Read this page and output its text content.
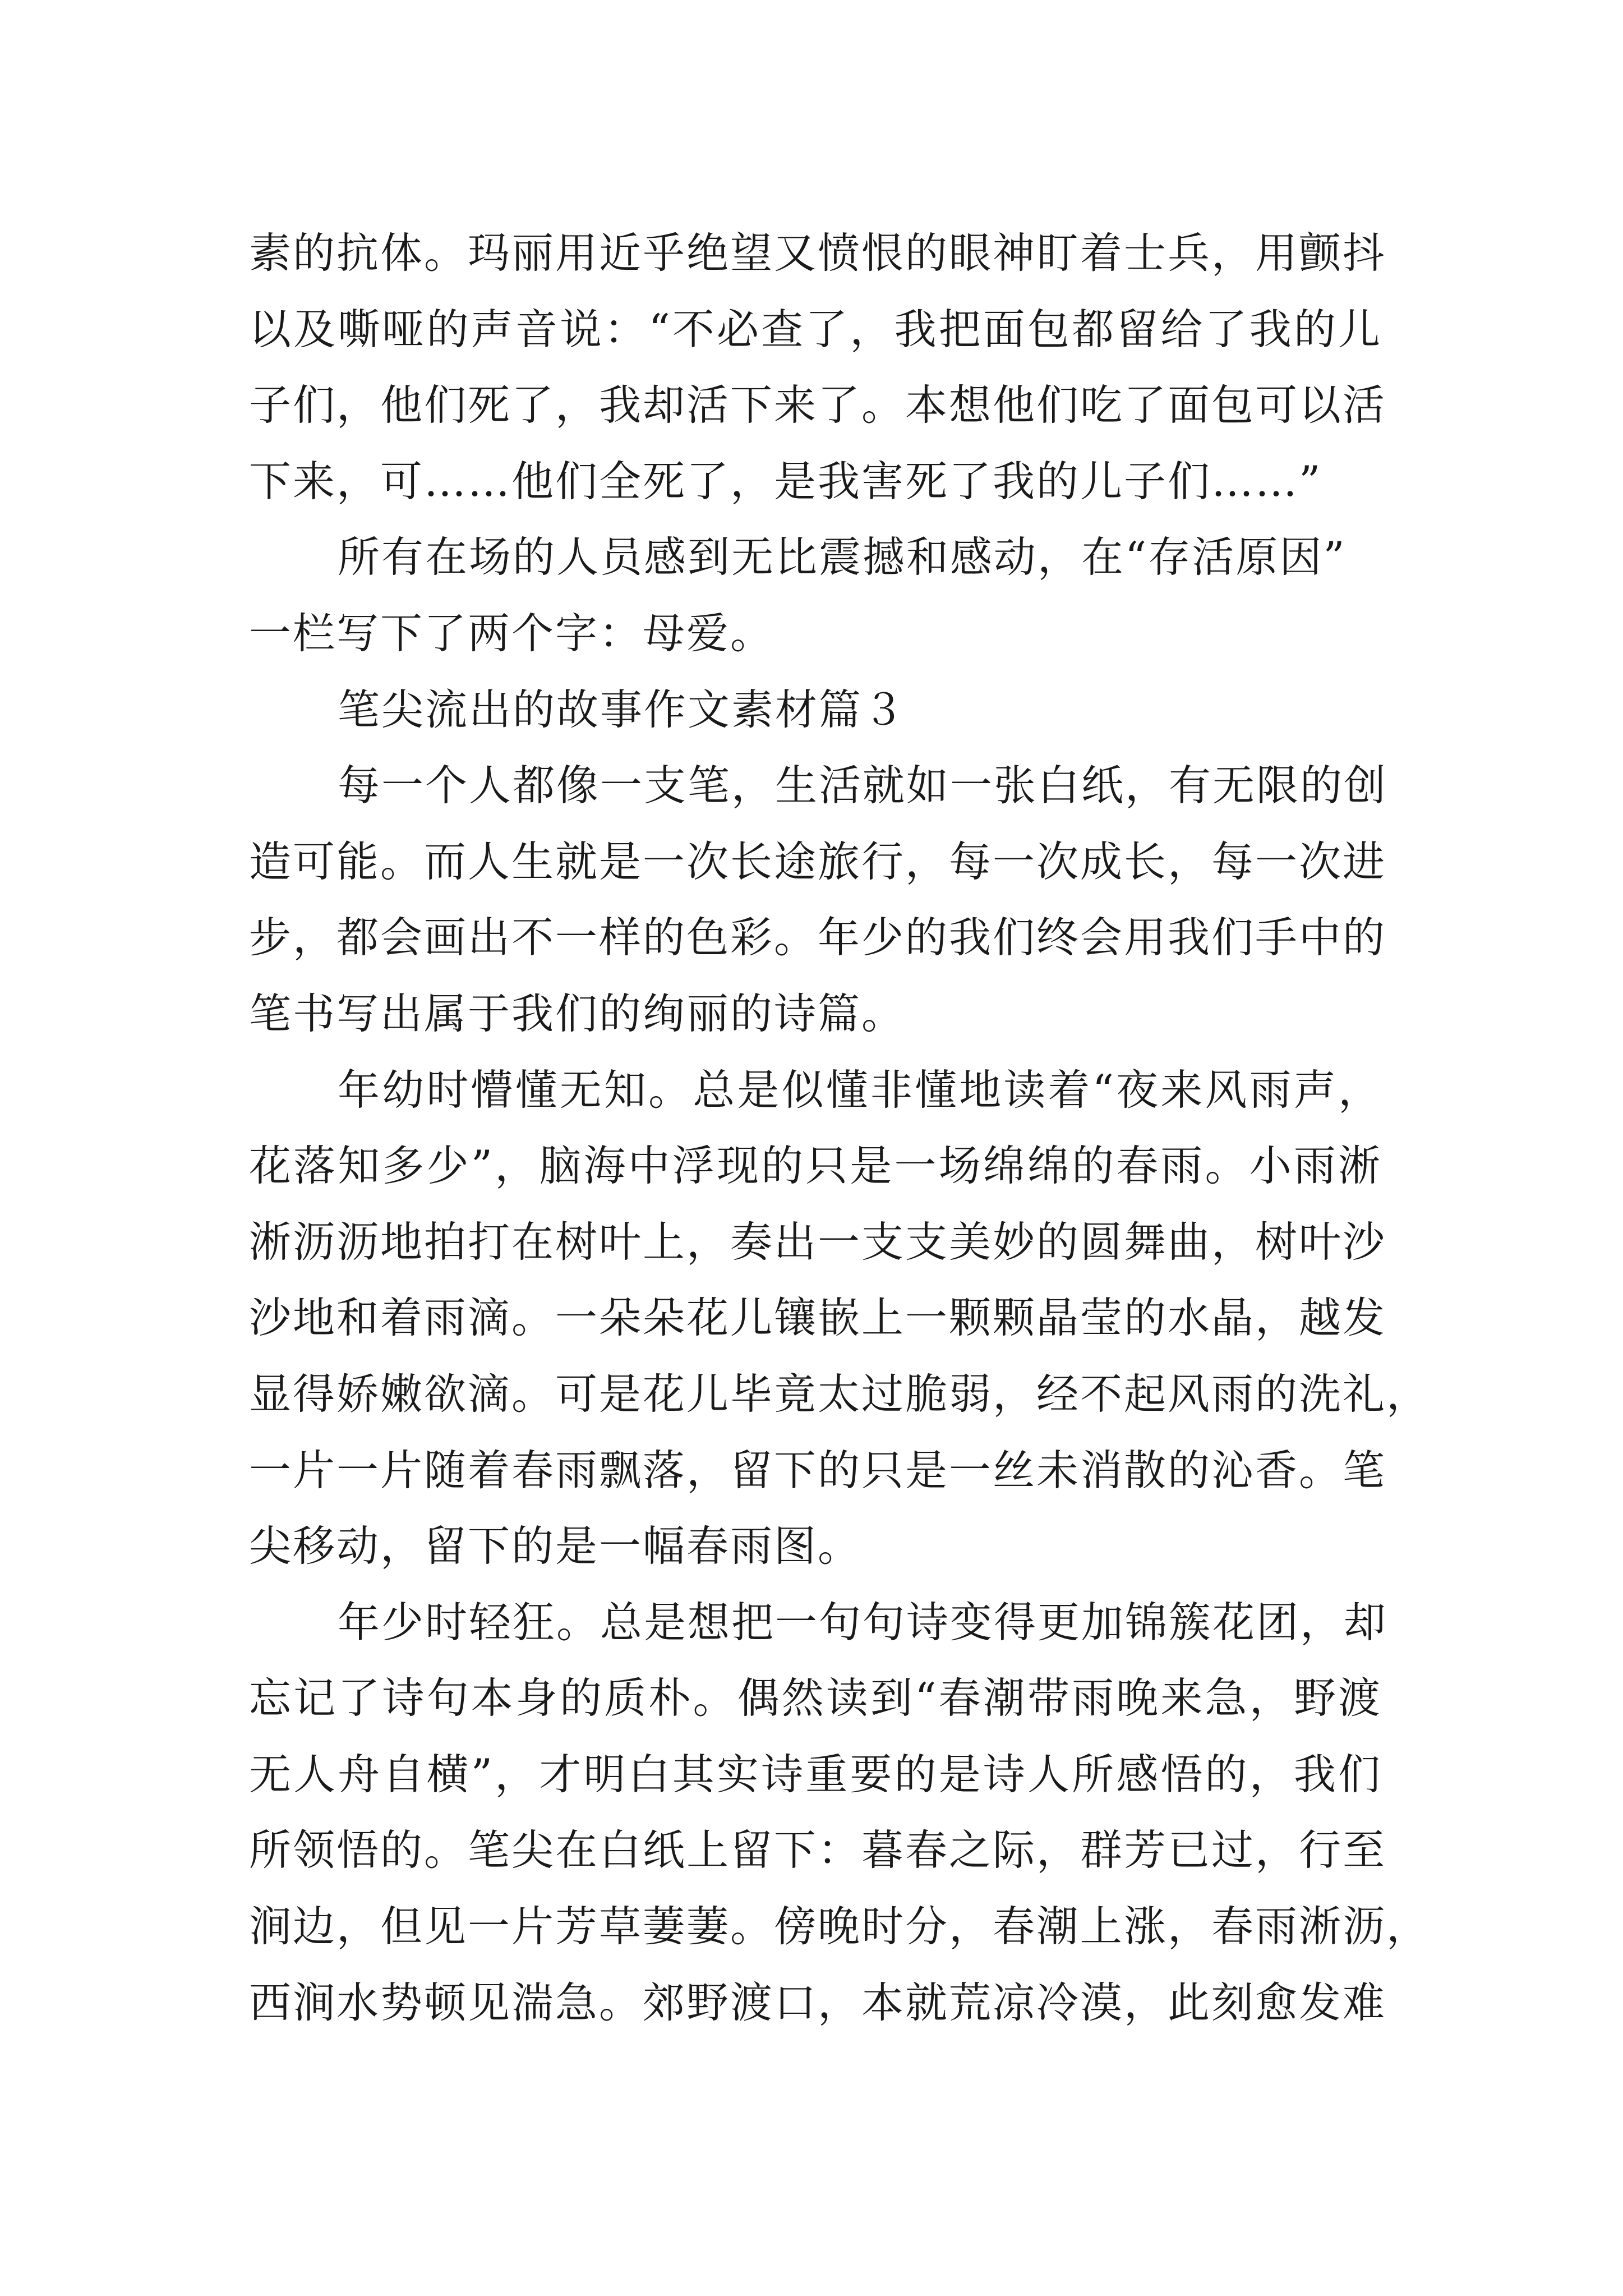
素的抗体。玛丽用近乎绝望又愤恨的眼神盯着士兵，用颤抖
以及嘶哑的声音说：“不必查了，我把面包都留给了我的儿
子们，他们死了，我却活下来了。本想他们吃了面包可以活
下来，可……他们全死了，是我害死了我的儿子们……”
所有在场的人员感到无比震撼和感动，在“存活原因”
一栏写下了两个字：母爱。
笔尖流出的故事作文素材篇３
每一个人都像一支笔，生活就如一张白纸，有无限的创
造可能。而人生就是一次长途旅行，每一次成长，每一次进
步，都会画出不一样的色彩。年少的我们终会用我们手中的
笔书写出属于我们的绚丽的诗篇。
年幼时懵懂无知。总是似懂非懂地读着“夜来风雨声，
花落知多少”，脑海中浮现的只是一场绵绵的春雨。小雨淅
淅沥沥地拍打在树叶上，奏出一支支美妙的圆舞曲，树叶沙
沙地和着雨滴。一朵朵花儿镶嵌上一颗颗晶莹的水晶，越发
显得娇嫩欲滴。可是花儿毕竟太过脆弱，经不起风雨的洗礼，
一片一片随着春雨飘落，留下的只是一丝未消散的沁香。笔
尖移动，留下的是一幅春雨图。
年少时轻狂。总是想把一句句诗变得更加锦簇花团，却
忘记了诗句本身的质朴。偶然读到“春潮带雨晚来急，野渡
无人舟自横”，才明白其实诗重要的是诗人所感悟的，我们
所领悟的。笔尖在白纸上留下：暮春之际，群芳已过，行至
涧边，但见一片芳草萋萋。傍晚时分，春潮上涨，春雨淅沥，
西涧水势顿见湍急。郊野渡口，本就荒凉冷漠，此刻愈发难
